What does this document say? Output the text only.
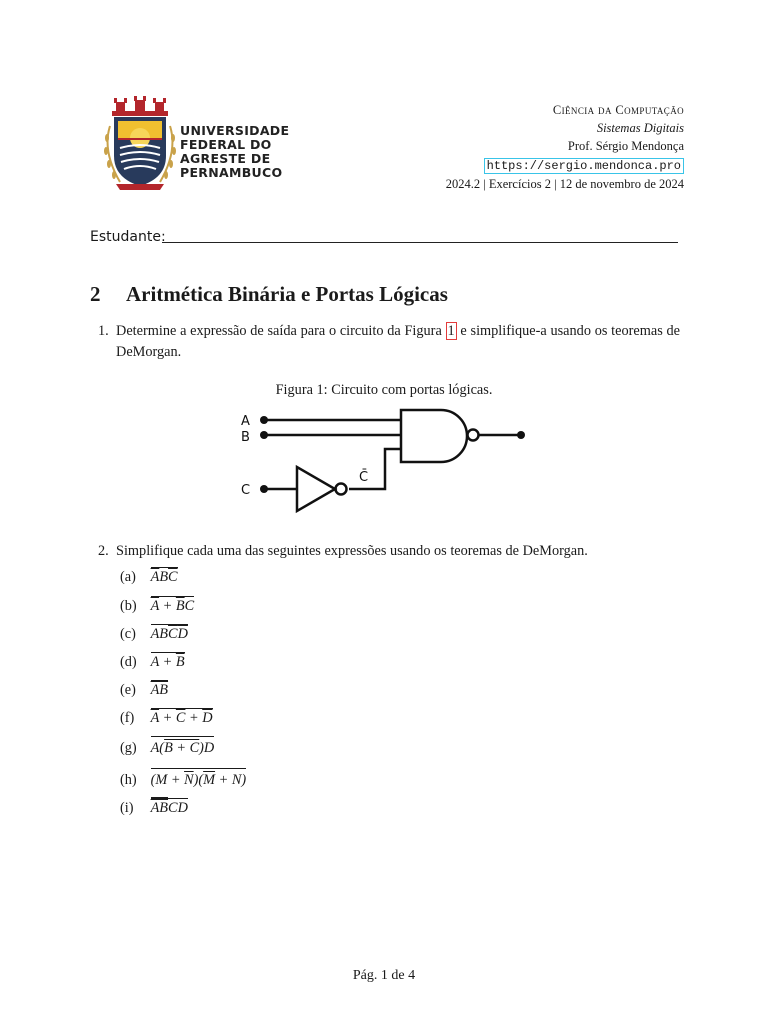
UNIVERSIDADE
FEDERAL DO
AGRESTE DE
PERNAMBUCO
Ciência da Computação
Sistemas Digitais
Prof. Sérgio Mendonça
https://sergio.mendonca.pro
2024.2 | Exercícios 2 | 12 de novembro de 2024
Estudante:
2 Aritmética Binária e Portas Lógicas
1. Determine a expressão de saída para o circuito da Figura 1 e simplifique-a usando os teoremas de DeMorgan.
Figura 1: Circuito com portas lógicas.
A
B
C
C̄
2. Simplifique cada uma das seguintes expressões usando os teoremas de DeMorgan.
(a) $\overline{A}B\overline{C}$
(b) $\overline{A} + \overline{B}C$
(c) $AB\overline{C}\overline{D}$
(d) $A + \overline{B}$
(e) $\overline{AB}$
(f) $\overline{A} + \overline{C} + \overline{D}$
(g) A(B + C)D
(h) $(M + \overline{N})(\overline{M} + N)$
(i) $\overline{AB}CD$
Pág. 1 de 4
